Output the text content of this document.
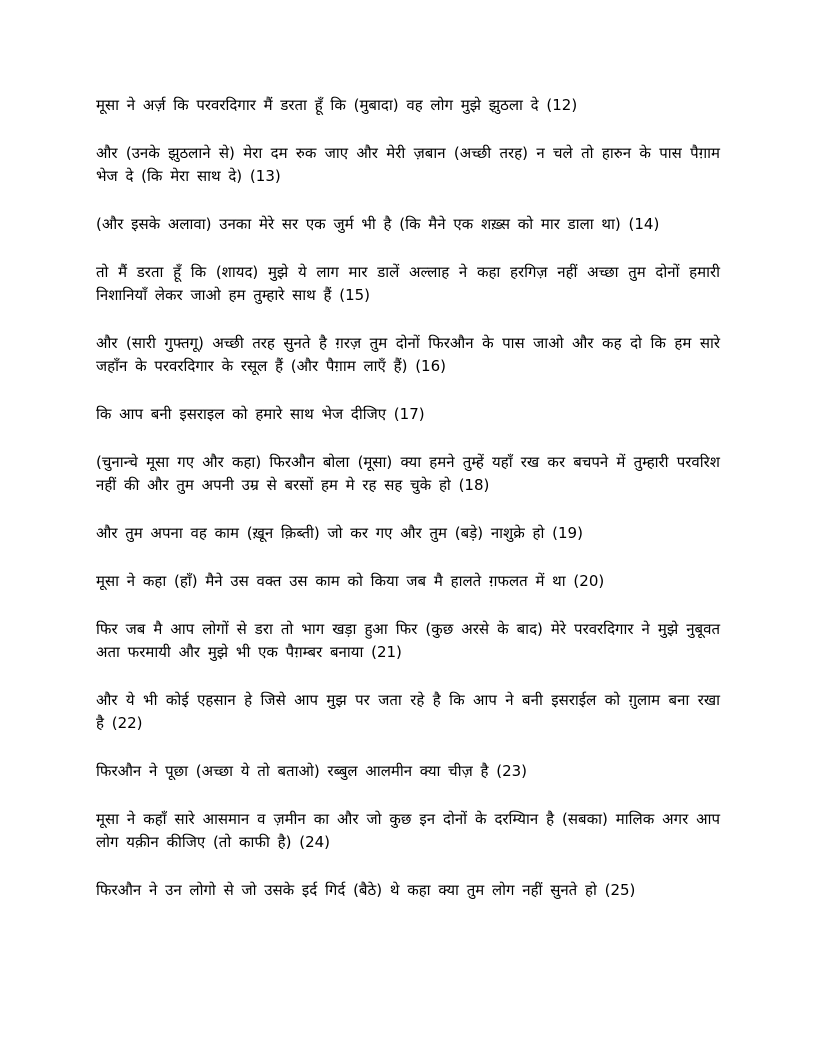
मूसा ने अर्ज़ कि परवरदिगार मैं डरता हूँ कि (मुबादा) वह लोग मुझे झुठला दे (12)

और (उनके झुठलाने से) मेरा दम रुक जाए और मेरी ज़बान (अच्छी तरह) न चले तो हारुन के पास पैग़ाम भेज दे (कि मेरा साथ दे) (13)

(और इसके अलावा) उनका मेरे सर एक जुर्म भी है (कि मैने एक शख़्स को मार डाला था) (14)

तो मैं डरता हूँ कि (शायद) मुझे ये लाग मार डालें अल्लाह ने कहा हरगिज़ नहीं अच्छा तुम दोनों हमारी निशानियाँ लेकर जाओ हम तुम्हारे साथ हैं (15)

और (सारी गुफ्तगू) अच्छी तरह सुनते है ग़रज़ तुम दोनों फिरऔन के पास जाओ और कह दो कि हम सारे जहाँन के परवरदिगार के रसूल हैं (और पैग़ाम लाएँ हैं) (16)

कि आप बनी इसराइल को हमारे साथ भेज दीजिए (17)

(चुनान्चे मूसा गए और कहा) फिरऔन बोला (मूसा) क्या हमने तुम्हें यहाँ रख कर बचपने में तुम्हारी परवरिश नहीं की और तुम अपनी उम्र से बरसों हम मे रह सह चुके हो (18)

और तुम अपना वह काम (ख़ून क़िब्ती) जो कर गए और तुम (बड़े) नाशुक्रे हो (19)

मूसा ने कहा (हाँ) मैने उस वक्त उस काम को किया जब मै हालते ग़फलत में था (20)

फिर जब मै आप लोगों से डरा तो भाग खड़ा हुआ फिर (कुछ अरसे के बाद) मेरे परवरदिगार ने मुझे नुबूवत अता फरमायी और मुझे भी एक पैग़म्बर बनाया (21)

और ये भी कोई एहसान हे जिसे आप मुझ पर जता रहे है कि आप ने बनी इसराईल को ग़ुलाम बना रखा है (22)

फिरऔन ने पूछा (अच्छा ये तो बताओ) रब्बुल आलमीन क्या चीज़ है (23)

मूसा ने कहाँ सारे आसमान व ज़मीन का और जो कुछ इन दोनों के दरम्यिान है (सबका) मालिक अगर आप लोग यक़ीन कीजिए (तो काफी है) (24)

फिरऔन ने उन लोगो से जो उसके इर्द गिर्द (बैठे) थे कहा क्या तुम लोग नहीं सुनते हो (25)
